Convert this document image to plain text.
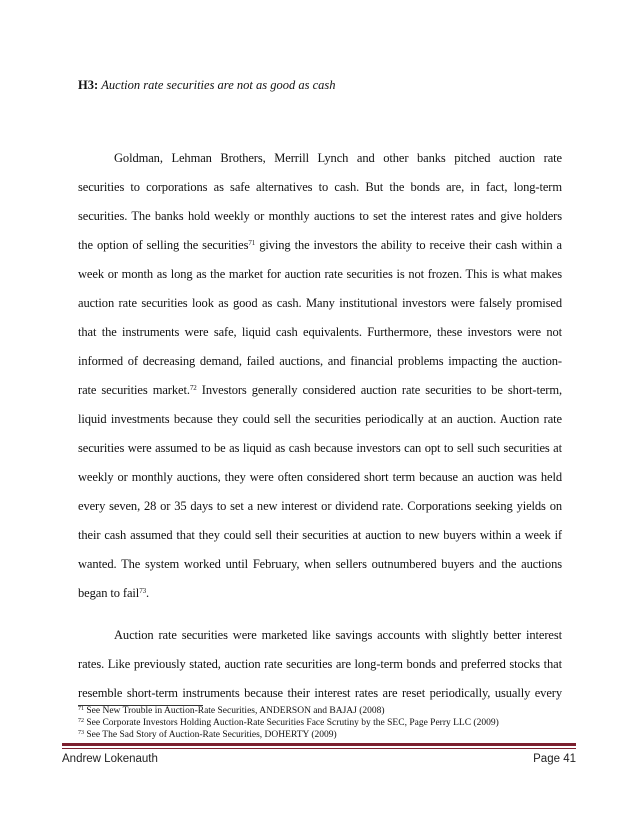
H3: Auction rate securities are not as good as cash
Goldman, Lehman Brothers, Merrill Lynch and other banks pitched auction rate
securities to corporations as safe alternatives to cash. But the bonds are, in fact, long-term
securities. The banks hold weekly or monthly auctions to set the interest rates and give holders
the option of selling the securities$^{71}$ giving the investors the ability to receive their cash within a
week or month as long as the market for auction rate securities is not frozen. This is what makes
auction rate securities look as good as cash. Many institutional investors were falsely promised
that the instruments were safe, liquid cash equivalents. Furthermore, these investors were not
informed of decreasing demand, failed auctions, and financial problems impacting the auction-
rate securities market.$^{72}$ Investors generally considered auction rate securities to be short-term,
liquid investments because they could sell the securities periodically at an auction. Auction rate
securities were assumed to be as liquid as cash because investors can opt to sell such securities at
weekly or monthly auctions, they were often considered short term because an auction was held
every seven, 28 or 35 days to set a new interest or dividend rate. Corporations seeking yields on
their cash assumed that they could sell their securities at auction to new buyers within a week if
wanted. The system worked until February, when sellers outnumbered buyers and the auctions
began to fail$^{73}$.
Auction rate securities were marketed like savings accounts with slightly better interest
rates. Like previously stated, auction rate securities are long-term bonds and preferred stocks that
resemble short-term instruments because their interest rates are reset periodically, usually every
$^{71}$ See New Trouble in Auction-Rate Securities, ANDERSON and BAJAJ (2008)
$^{72}$ See Corporate Investors Holding Auction-Rate Securities Face Scrutiny by the SEC, Page Perry LLC (2009)
$^{73}$ See The Sad Story of Auction-Rate Securities, DOHERTY (2009)
Andrew Lokenauth	Page 41
